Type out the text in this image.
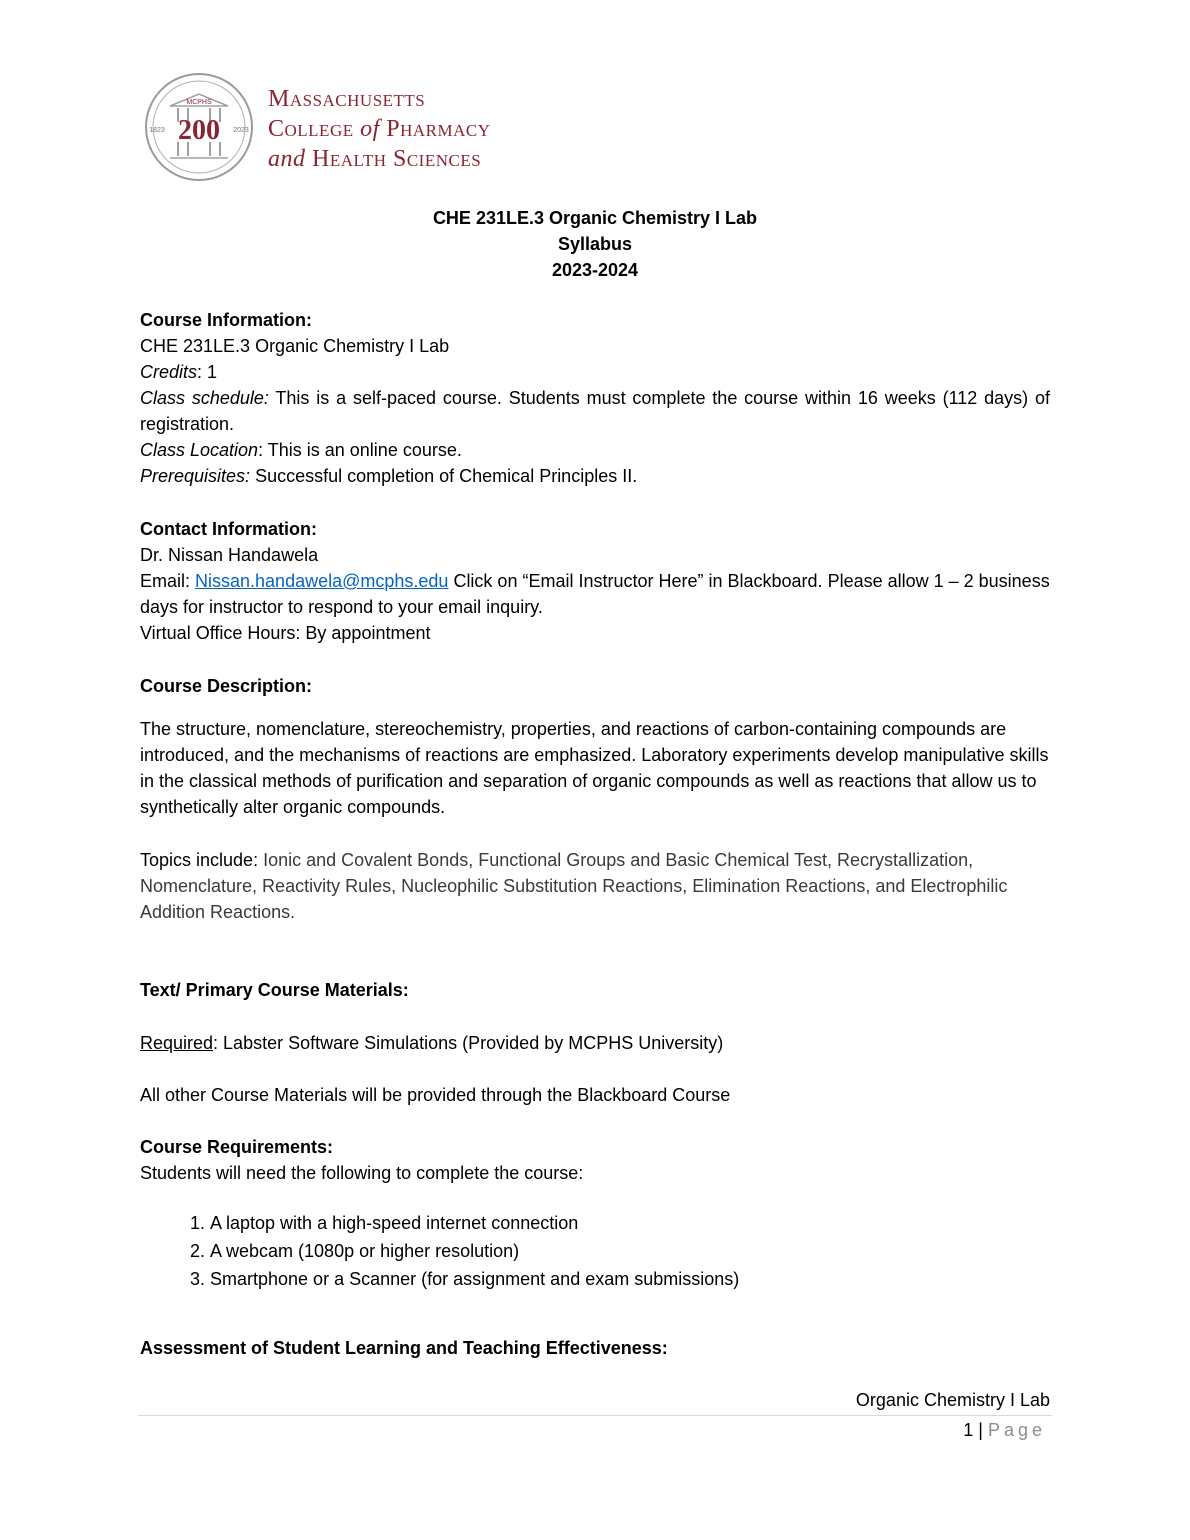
MCPHS
200
1823	2023
Massachusetts
College of Pharmacy
and Health Sciences
CHE 231LE.3 Organic Chemistry I Lab
Syllabus
2023-2024
Course Information:
CHE 231LE.3 Organic Chemistry I Lab
Credits: 1
Class schedule: This is a self-paced course. Students must complete the course within 16 weeks (112 days) of registration.
Class Location: This is an online course.
Prerequisites: Successful completion of Chemical Principles II.
Contact Information:
Dr. Nissan Handawela
Email: Nissan.handawela@mcphs.edu Click on “Email Instructor Here” in Blackboard. Please allow 1 – 2 business days for instructor to respond to your email inquiry.
Virtual Office Hours: By appointment
Course Description:
The structure, nomenclature, stereochemistry, properties, and reactions of carbon-containing compounds are introduced, and the mechanisms of reactions are emphasized. Laboratory experiments develop manipulative skills in the classical methods of purification and separation of organic compounds as well as reactions that allow us to synthetically alter organic compounds.
Topics include: Ionic and Covalent Bonds, Functional Groups and Basic Chemical Test, Recrystallization, Nomenclature, Reactivity Rules, Nucleophilic Substitution Reactions, Elimination Reactions, and Electrophilic Addition Reactions.
Text/ Primary Course Materials:
Required: Labster Software Simulations (Provided by MCPHS University)
All other Course Materials will be provided through the Blackboard Course
Course Requirements:
Students will need the following to complete the course:
1. A laptop with a high-speed internet connection
2. A webcam (1080p or higher resolution)
3. Smartphone or a Scanner (for assignment and exam submissions)
Assessment of Student Learning and Teaching Effectiveness:
Organic Chemistry I Lab
1 | Page
